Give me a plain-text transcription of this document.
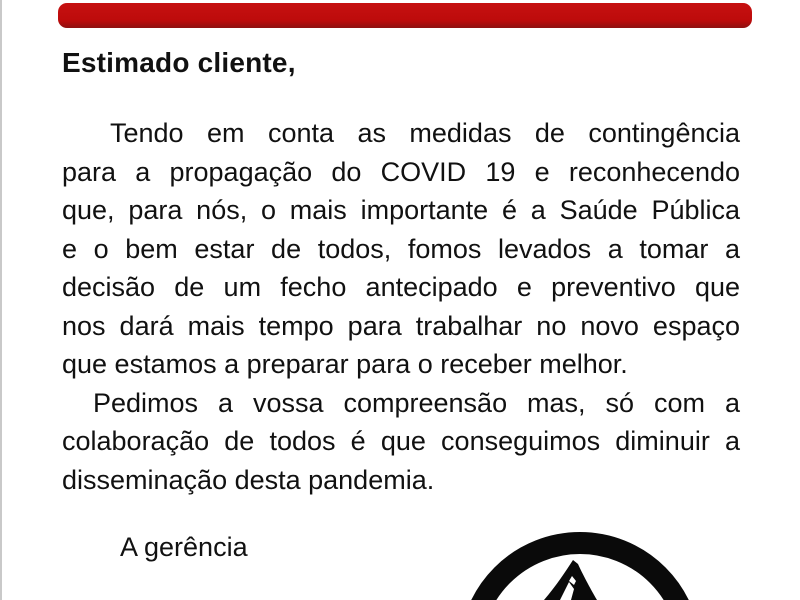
Estimado cliente,
Tendo em conta as medidas de contingência
para a propagação do COVID 19 e reconhecendo
que, para nós, o mais importante é a Saúde Pública
e o bem estar de todos, fomos levados a tomar a
decisão de um fecho antecipado e preventivo que
nos dará mais tempo para trabalhar no novo espaço
que estamos a preparar para o receber melhor.
Pedimos a vossa compreensão mas, só com a
colaboração de todos é que conseguimos diminuir a
disseminação desta pandemia.
A gerência
